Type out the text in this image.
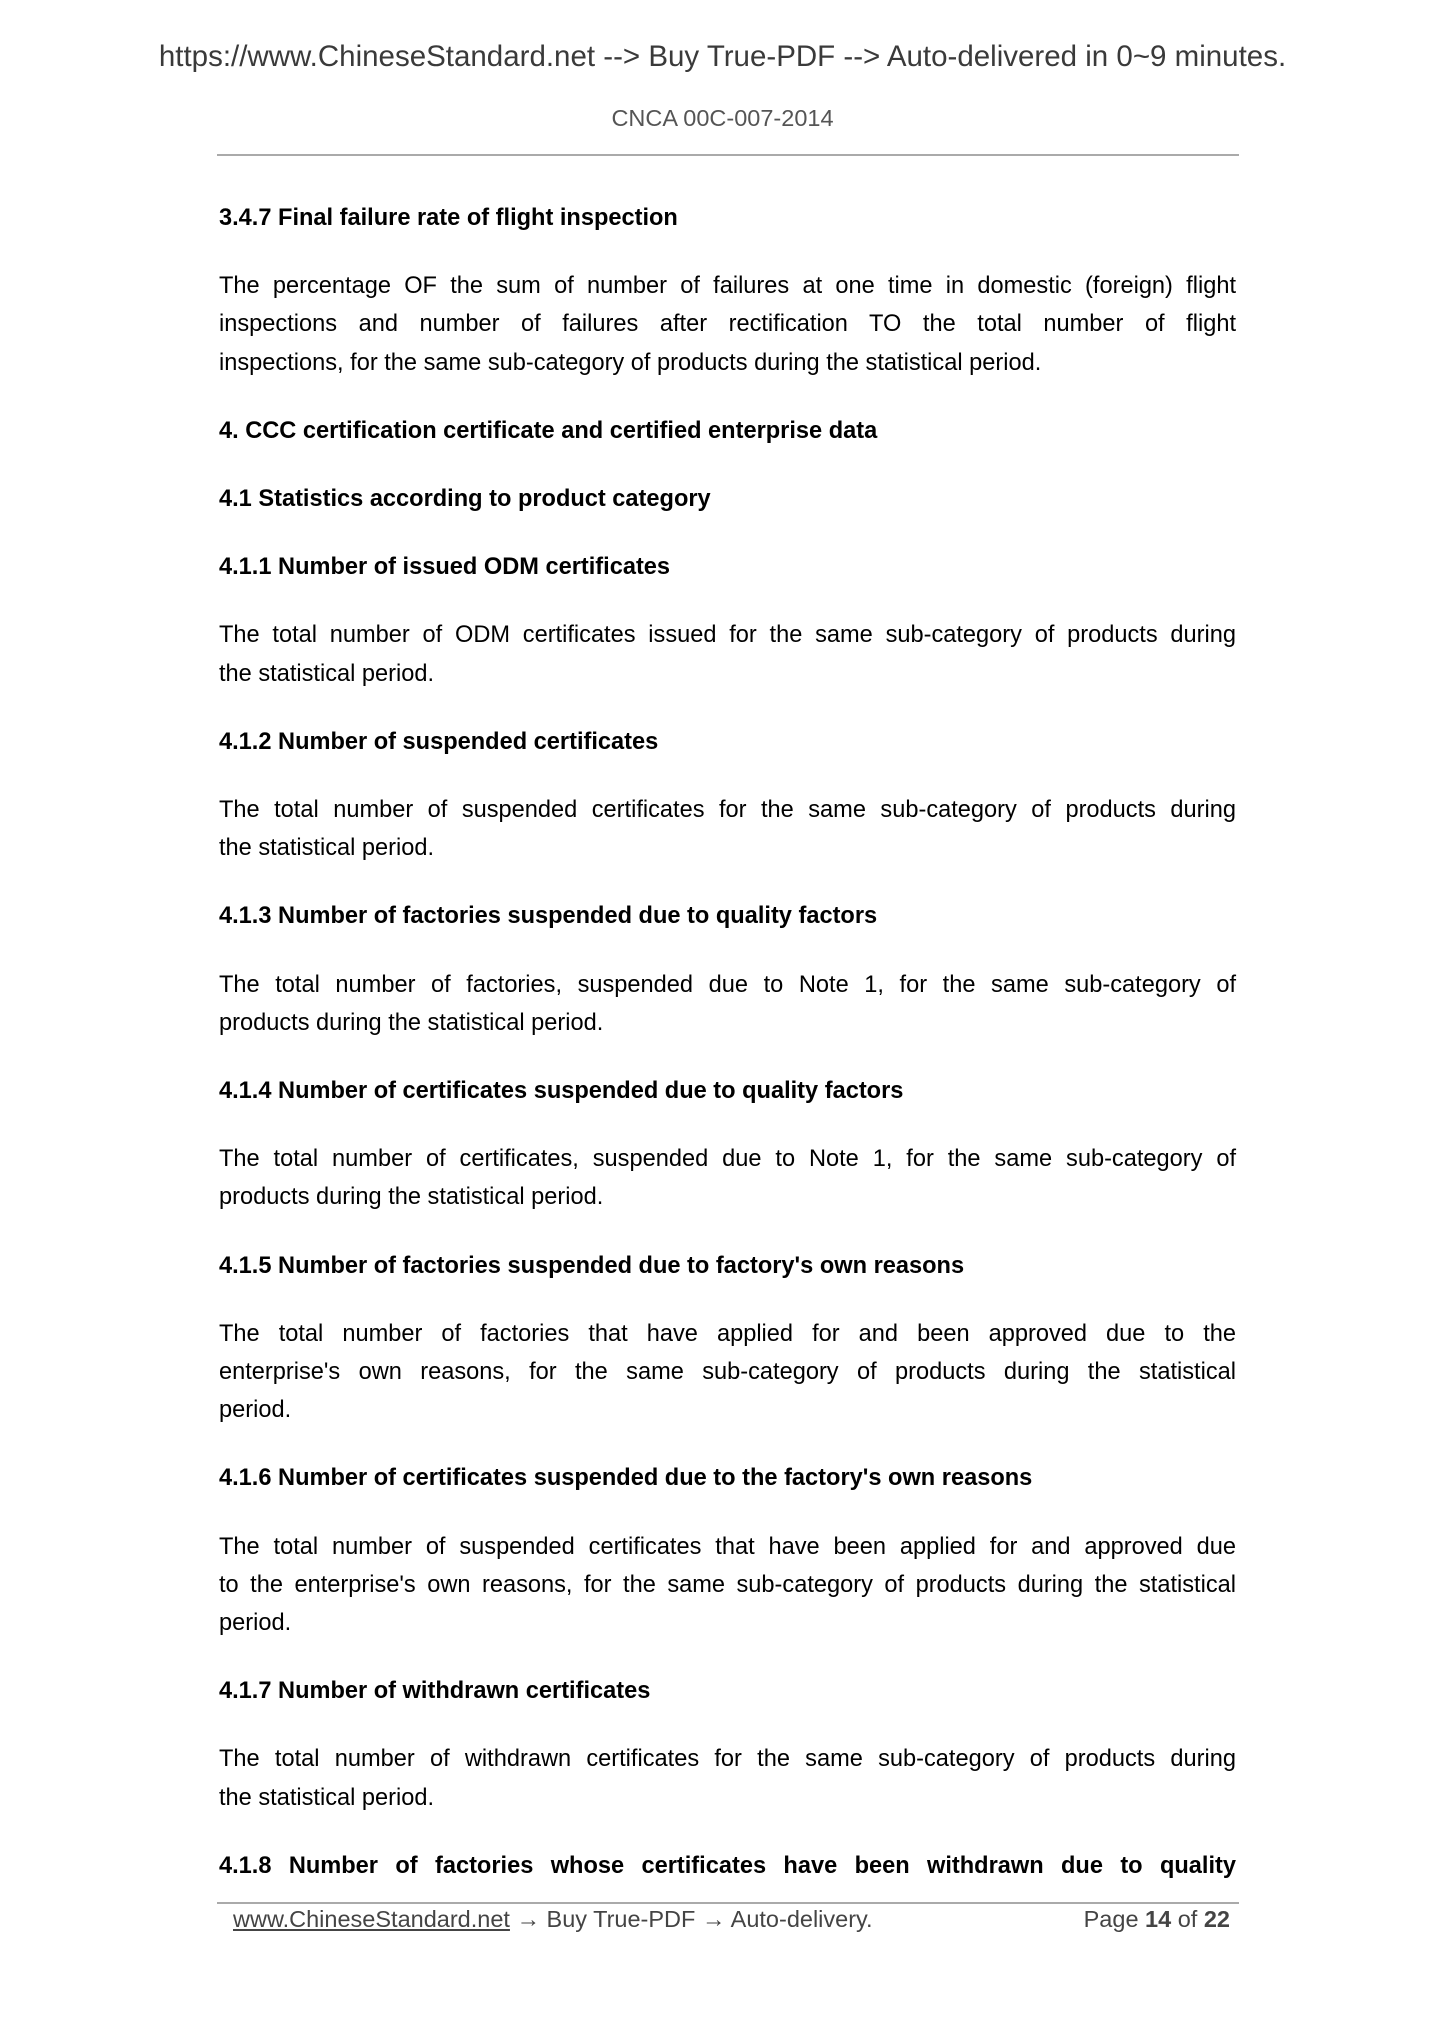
https://www.ChineseStandard.net --> Buy True-PDF --> Auto-delivered in 0~9 minutes.
CNCA 00C-007-2014
3.4.7 Final failure rate of flight inspection
The percentage OF the sum of number of failures at one time in domestic (foreign) flight
inspections and number of failures after rectification TO the total number of flight
inspections, for the same sub-category of products during the statistical period.
4. CCC certification certificate and certified enterprise data
4.1 Statistics according to product category
4.1.1 Number of issued ODM certificates
The total number of ODM certificates issued for the same sub-category of products during
the statistical period.
4.1.2 Number of suspended certificates
The total number of suspended certificates for the same sub-category of products during
the statistical period.
4.1.3 Number of factories suspended due to quality factors
The total number of factories, suspended due to Note 1, for the same sub-category of
products during the statistical period.
4.1.4 Number of certificates suspended due to quality factors
The total number of certificates, suspended due to Note 1, for the same sub-category of
products during the statistical period.
4.1.5 Number of factories suspended due to factory's own reasons
The total number of factories that have applied for and been approved due to the
enterprise's own reasons, for the same sub-category of products during the statistical
period.
4.1.6 Number of certificates suspended due to the factory's own reasons
The total number of suspended certificates that have been applied for and approved due
to the enterprise's own reasons, for the same sub-category of products during the statistical
period.
4.1.7 Number of withdrawn certificates
The total number of withdrawn certificates for the same sub-category of products during
the statistical period.
4.1.8 Number of factories whose certificates have been withdrawn due to quality
www.ChineseStandard.net → Buy True-PDF → Auto-delivery.	Page 14 of 22
